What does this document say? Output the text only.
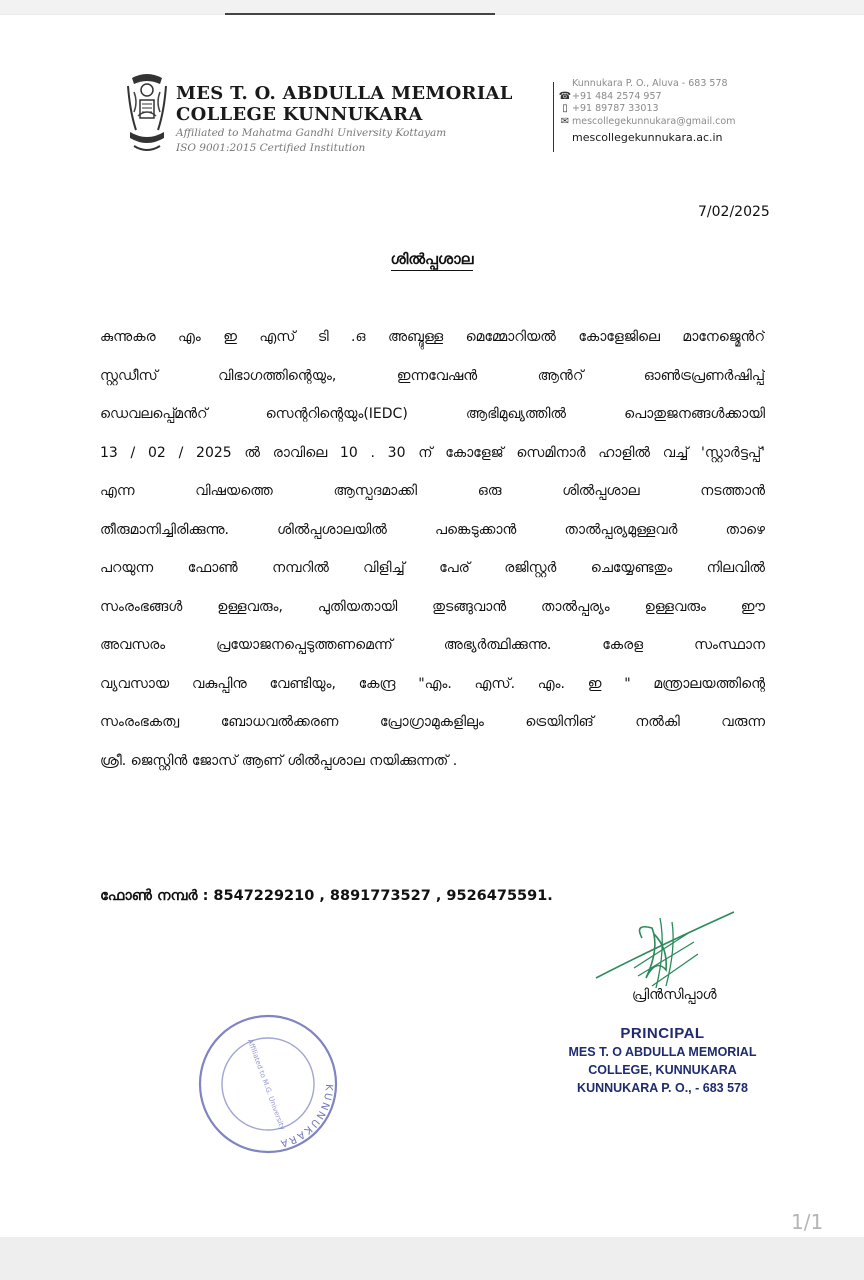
MES T. O. ABDULLA MEMORIAL
COLLEGE KUNNUKARA
Affiliated to Mahatma Gandhi University Kottayam
ISO 9001:2015 Certified Institution
Kunnukara P. O., Aluva - 683 578
☎ +91 484 2574 957
▯ +91 89787 33013
✉ mescollegekunnukara@gmail.com
mescollegekunnukara.ac.in
7/02/2025
ശിൽപ്പശാല
കുന്നുകര എം ഇ എസ് ടി .ഒ അബ്ദുള്ള മെമ്മോറിയൽ കോളേജിലെ മാനേജ്മെൻറ്
സ്റ്റഡീസ് വിഭാഗത്തിന്റെയും, ഇന്നവേഷൻ ആൻറ് ഓൺട്രപ്രണർഷിപ്പ്
ഡെവലപ്പ്മെൻറ് സെന്ററിന്റെയും(IEDC) ആഭിമുഖ്യത്തിൽ പൊതുജനങ്ങൾക്കായി
13 / 02 / 2025 ൽ രാവിലെ 10 . 30 ന് കോളേജ് സെമിനാർ ഹാളിൽ വച്ച് 'സ്റ്റാർട്ടപ്പ്'
എന്ന വിഷയത്തെ ആസ്പദമാക്കി ഒരു ശിൽപ്പശാല നടത്താൻ
തീരുമാനിച്ചിരിക്കുന്നു. ശിൽപ്പശാലയിൽ പങ്കെടുക്കാൻ താൽപ്പര്യമുള്ളവർ താഴെ
പറയുന്ന ഫോൺ നമ്പറിൽ വിളിച്ച് പേര് രജിസ്റ്റർ ചെയ്യേണ്ടതും നിലവിൽ
സംരംഭങ്ങൾ ഉള്ളവരും, പുതിയതായി തുടങ്ങുവാൻ താൽപ്പര്യം ഉള്ളവരും ഈ
അവസരം പ്രയോജനപ്പെടുത്തണമെന്ന് അഭ്യർത്ഥിക്കുന്നു. കേരള സംസ്ഥാന
വ്യവസായ വകുപ്പിനു വേണ്ടിയും, കേന്ദ്ര "എം. എസ്. എം. ഇ " മന്ത്രാലയത്തിന്റെ
സംരംഭകത്വ ബോധവൽക്കരണ പ്രോഗ്രാമുകളിലും ട്രെയിനിങ് നൽകി വരുന്ന
ശ്രീ. ജെസ്റ്റിൻ ജോസ് ആണ് ശിൽപ്പശാല നയിക്കുന്നത് .
ഫോൺ നമ്പർ : 8547229210 , 8891773527 , 9526475591.
പ്രിൻസിപ്പാൾ
PRINCIPAL
MES T. O ABDULLA MEMORIAL
COLLEGE, KUNNUKARA
KUNNUKARA P. O., - 683 578
KUNNUKARA
Affiliated to M.G. University
1/1
